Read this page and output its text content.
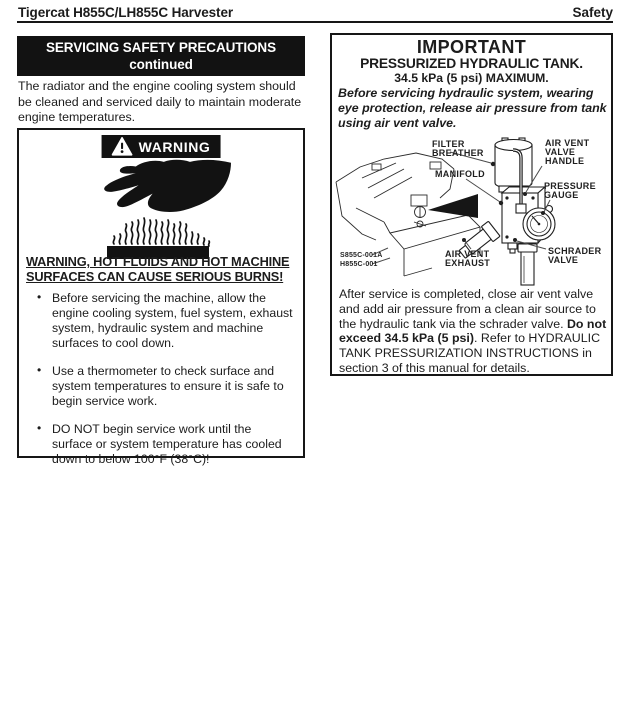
Tigercat H855C/LH855C Harvester	Safety
SERVICING SAFETY PRECAUTIONS
continued

The radiator and the engine cooling system should be cleaned and serviced daily to maintain moderate engine temperatures.

WARNING
WARNING, HOT FLUIDS AND HOT MACHINE
SURFACES CAN CAUSE SERIOUS BURNS!
• Before servicing the machine, allow the engine cooling system, fuel system, exhaust system, hydraulic system and machine surfaces to cool down.
• Use a thermometer to check surface and system temperatures to ensure it is safe to begin service work.
• DO NOT begin service work until the surface or system temperature has cooled down to below 100°F (38°C)!
IMPORTANT
PRESSURIZED HYDRAULIC TANK.
34.5 kPa (5 psi) MAXIMUM.

Before servicing hydraulic system, wearing eye protection, release air pressure from tank using air vent valve.

FILTER
BREATHER
AIR VENT
VALVE
HANDLE
MANIFOLD
PRESSURE
GAUGE
AIR VENT
EXHAUST
SCHRADER
VALVE
S855C-001A
H855C-001

After service is completed, close air vent valve and add air pressure from a clean air source to the hydraulic tank via the schrader valve. Do not exceed 34.5 kPa (5 psi). Refer to HYDRAULIC TANK PRESSURIZATION INSTRUCTIONS in section 3 of this manual for details.
